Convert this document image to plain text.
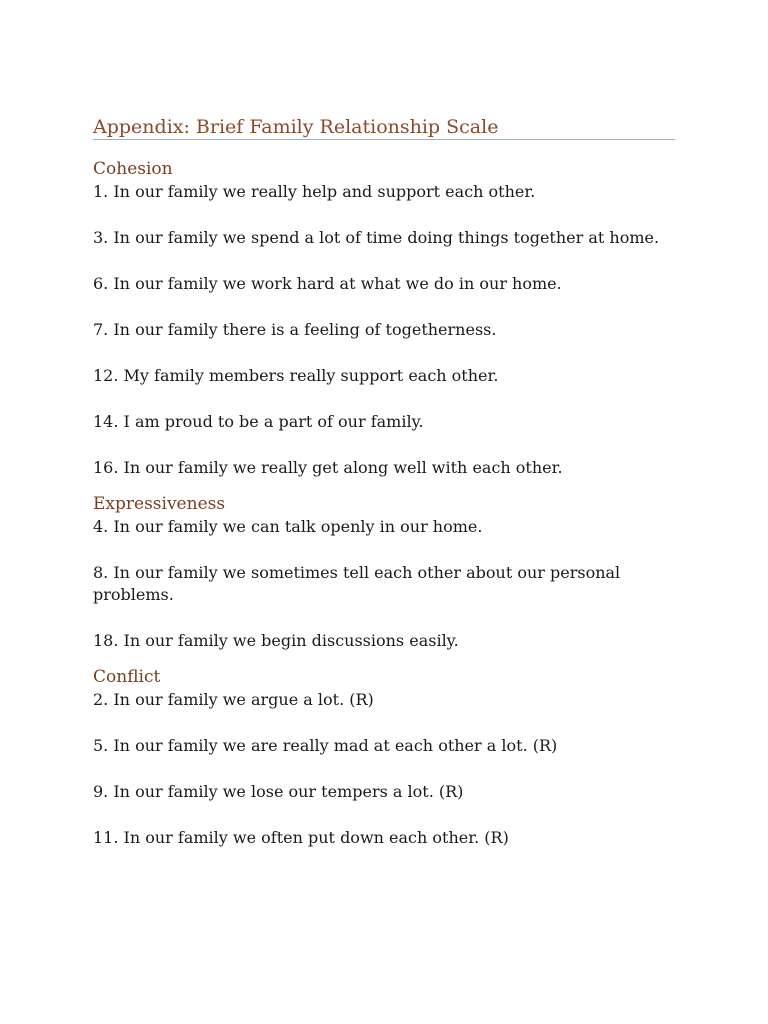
Appendix: Brief Family Relationship Scale
Cohesion
1. In our family we really help and support each other.
3. In our family we spend a lot of time doing things together at home.
6. In our family we work hard at what we do in our home.
7. In our family there is a feeling of togetherness.
12. My family members really support each other.
14. I am proud to be a part of our family.
16. In our family we really get along well with each other.
Expressiveness
4. In our family we can talk openly in our home.
8. In our family we sometimes tell each other about our personal problems.
18. In our family we begin discussions easily.
Conflict
2. In our family we argue a lot. (R)
5. In our family we are really mad at each other a lot. (R)
9. In our family we lose our tempers a lot. (R)
11. In our family we often put down each other. (R)
